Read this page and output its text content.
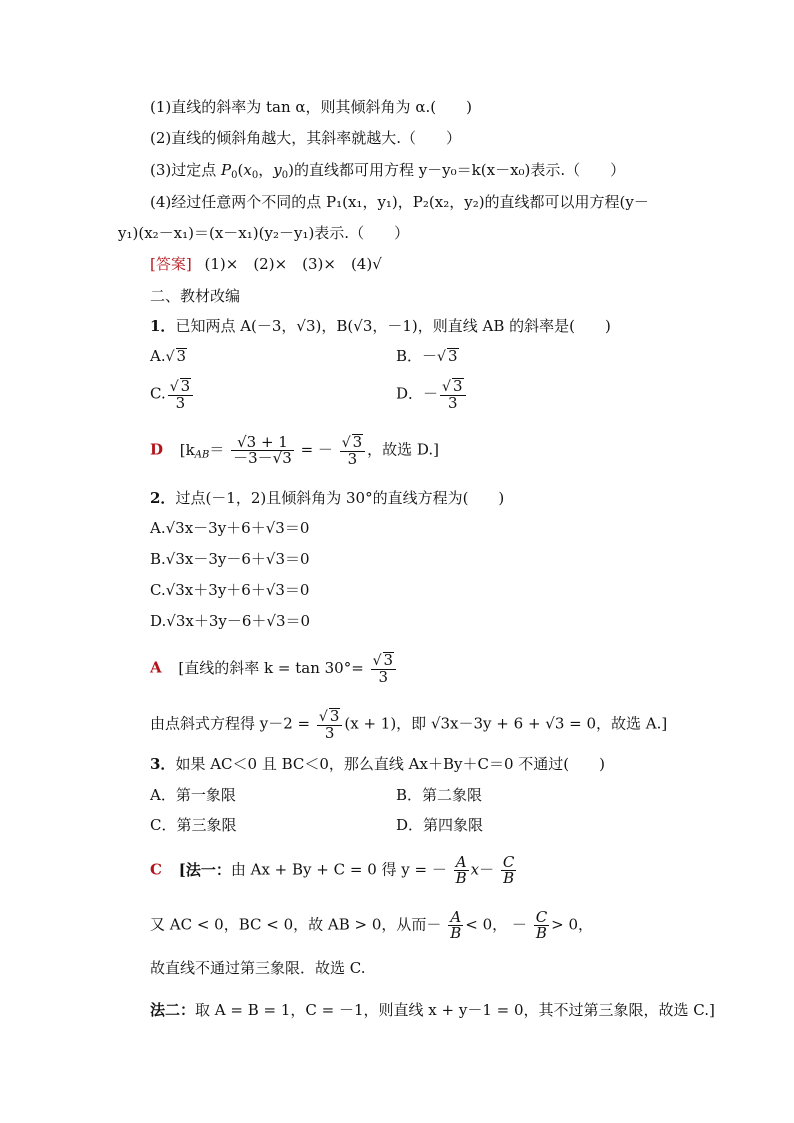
(1)直线的斜率为 tan α，则其倾斜角为 α.(　　)
(2)直线的倾斜角越大，其斜率就越大.（　　）
(3)过定点 $P_0(x_0$，$y_0$)的直线都可用方程 y－y₀＝k(x－x₀)表示.（　　）
(4)经过任意两个不同的点 P₁(x₁，y₁)，P₂(x₂，y₂)的直线都可以用方程(y－
y₁)(x₂－x₁)＝(x－x₁)(y₂－y₁)表示.（　　）
[答案] (1)×　(2)×　(3)×　(4)√
二、教材改编
1．已知两点 A(－3，√3)，B(√3，－1)，则直线 AB 的斜率是(　　)
A.√ 3	B．－√ 3
C. $\frac{√ 3}{3}$	D．－ $\frac{√ 3}{3}$
D [$k_{AB}= \frac{√3 + 1}{-3-√3}$ = － $\frac{√ 3}{3}$ ，故选 D.]
2．过点(－1，2)且倾斜角为 30°的直线方程为(　　)
A.√3x－3y＋6＋√3＝0
B.√3x－3y－6＋√3＝0
C.√3x＋3y＋6＋√3＝0
D.√3x＋3y－6＋√3＝0
A [直线的斜率 $k = \tan 30^\circ= \frac{√ 3}{3}$
由点斜式方程得 $y-2 = \frac{√ 3}{3} (x + 1)$，即 √3x－3y + 6 + √3 = 0，故选 A.]
3．如果 AC＜0 且 BC＜0，那么直线 Ax＋By＋C＝0 不通过(　　)
A．第一象限	B．第二象限
C．第三象限	D．第四象限
C [法一：由 Ax + By + C = 0 得 y = － $\frac{A}{B} x- \frac{C}{B}$
又 AC < 0，BC < 0，故 AB > 0，从而－ $\frac{A}{B} < 0$， － $\frac{C}{B} > 0$，
故直线不通过第三象限．故选 C.
法二：取 A = B = 1，C = －1，则直线 x + y－1 = 0，其不过第三象限，故选 C.]
